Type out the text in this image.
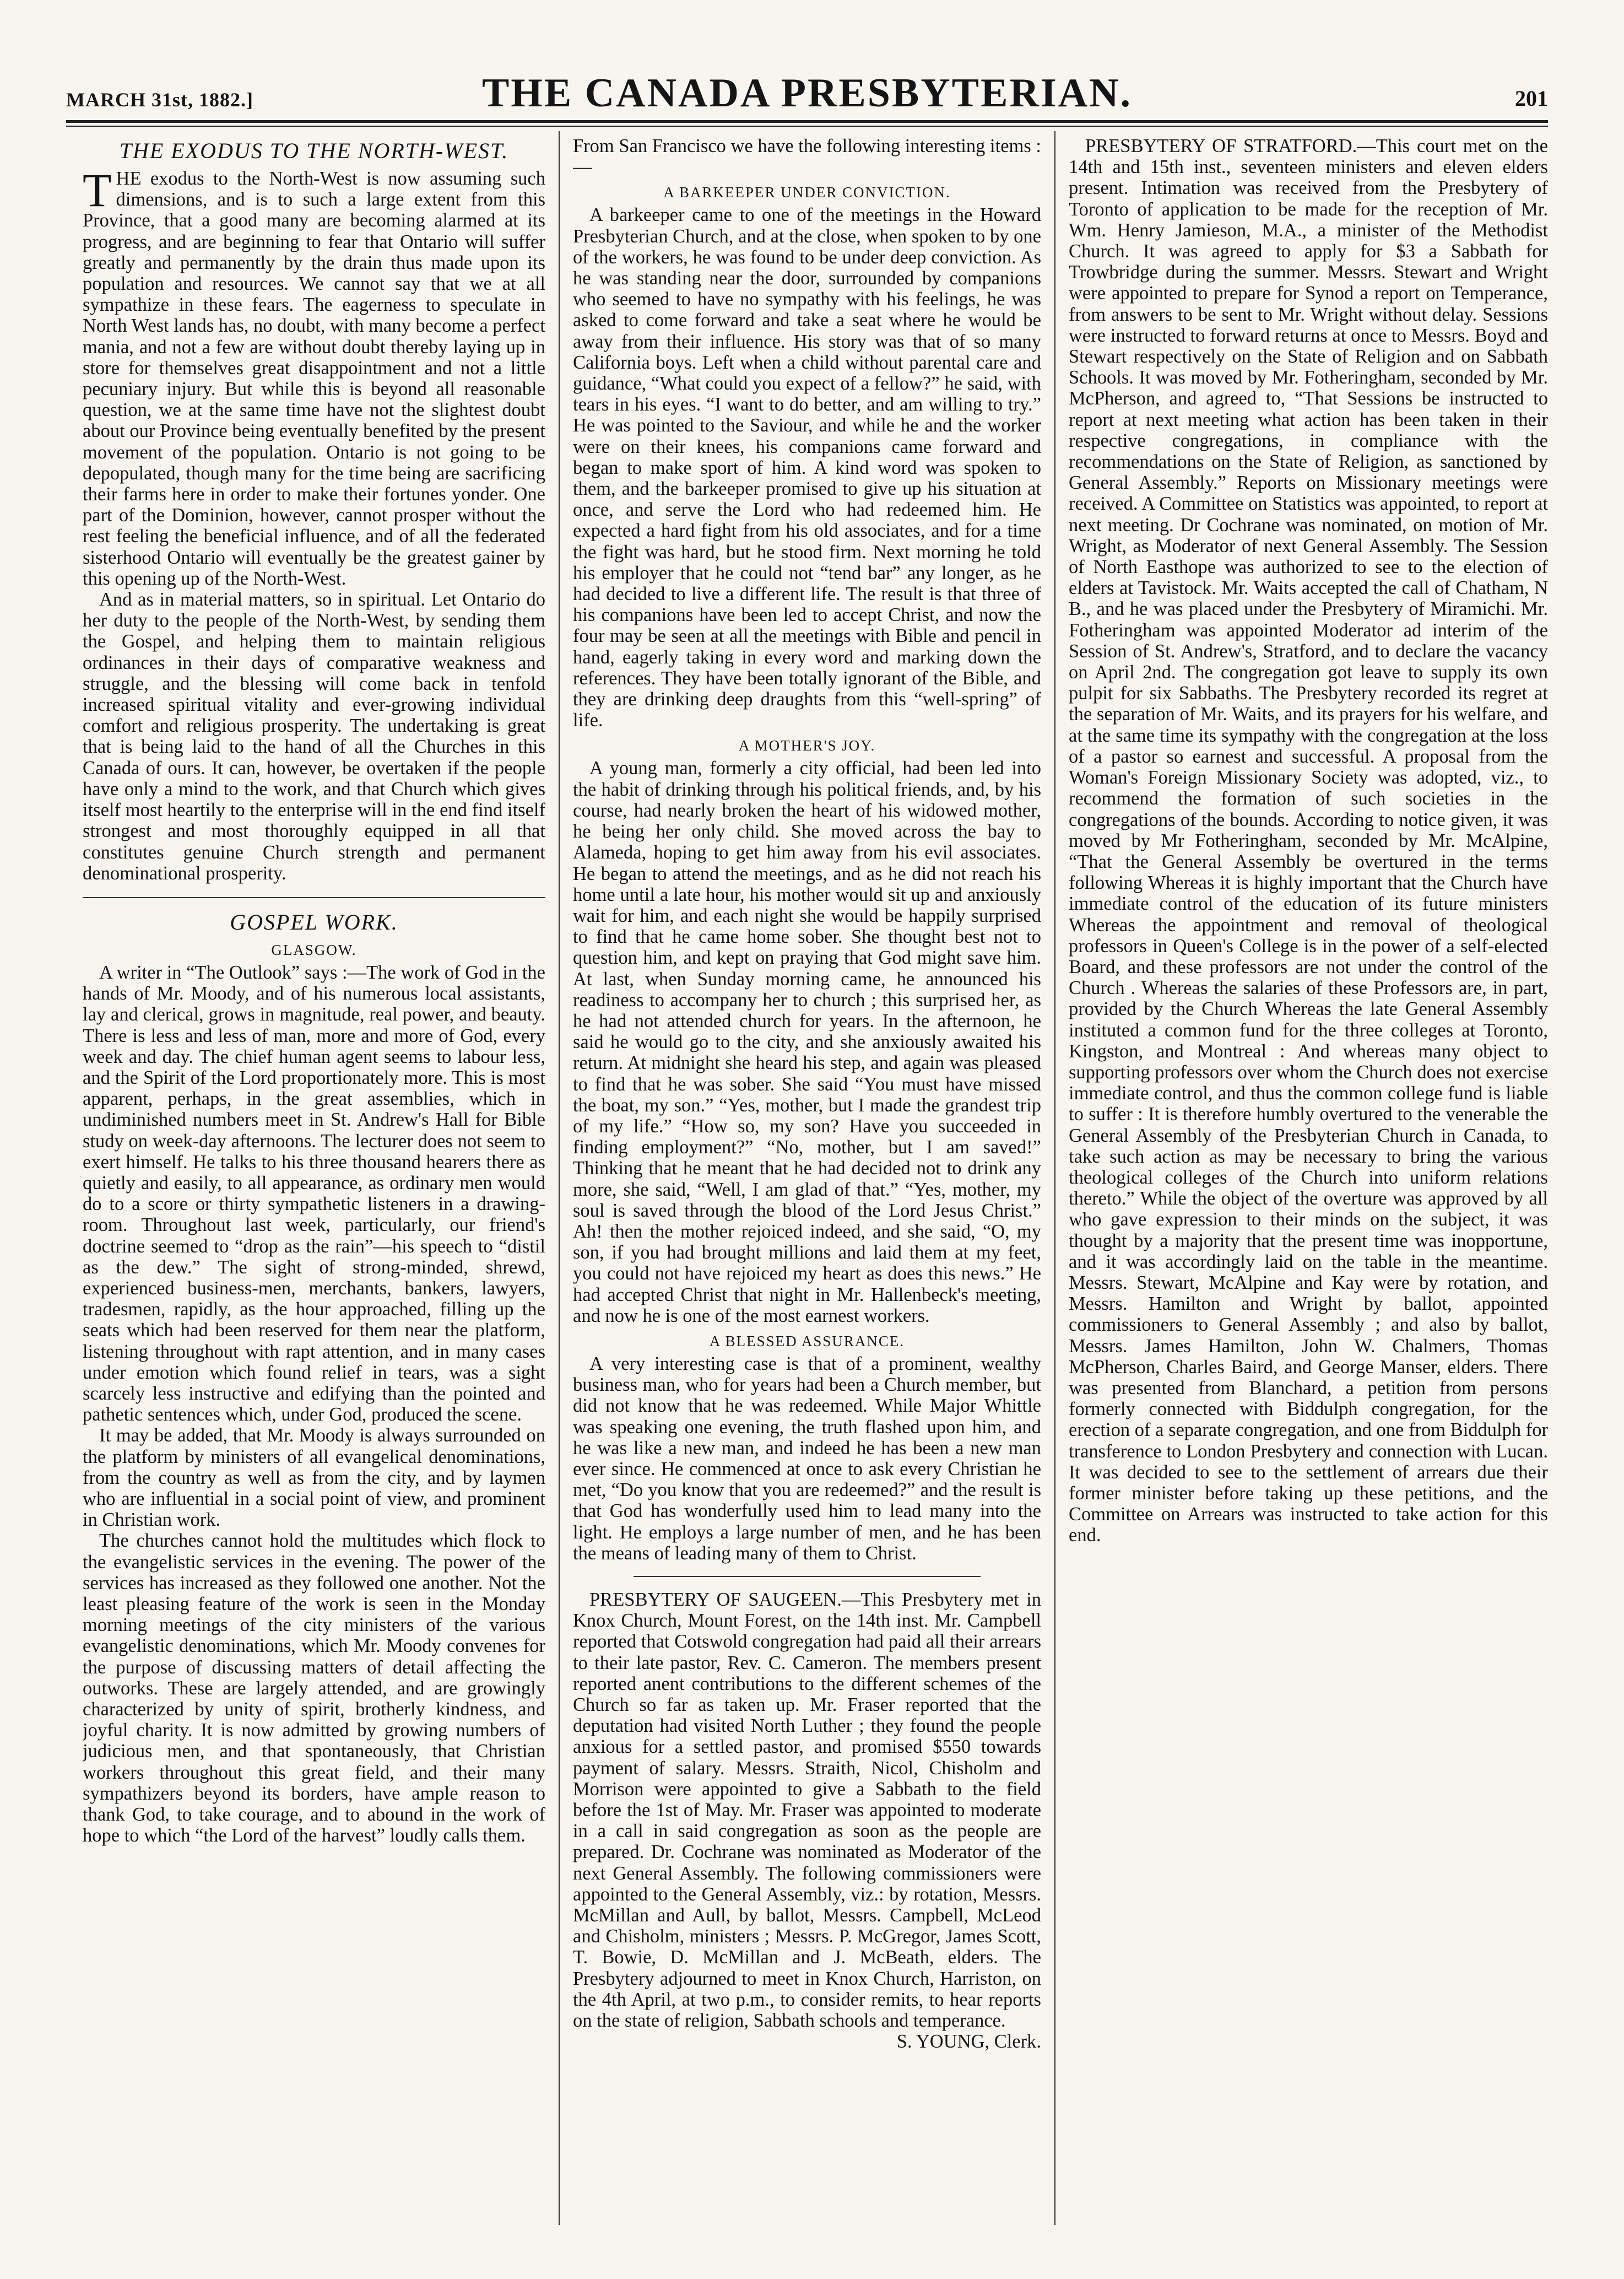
MARCH 31st, 1882.]	THE CANADA PRESBYTERIAN.	201
THE EXODUS TO THE NORTH-WEST.

THE exodus to the North-West is now assuming such dimensions, and is to such a large extent from this Province, that a good many are becoming alarmed at its progress, and are beginning to fear that Ontario will suffer greatly and permanently by the drain thus made upon its population and resources. We cannot say that we at all sympathize in these fears. The eagerness to speculate in North West lands has, no doubt, with many become a perfect mania, and not a few are without doubt thereby laying up in store for themselves great disappointment and not a little pecuniary injury. But while this is beyond all reasonable question, we at the same time have not the slightest doubt about our Province being eventually benefited by the present movement of the population. Ontario is not going to be depopulated, though many for the time being are sacrificing their farms here in order to make their fortunes yonder. One part of the Dominion, however, cannot prosper without the rest feeling the beneficial influence, and of all the federated sisterhood Ontario will eventually be the greatest gainer by this opening up of the North-West.

And as in material matters, so in spiritual. Let Ontario do her duty to the people of the North-West, by sending them the Gospel, and helping them to maintain religious ordinances in their days of comparative weakness and struggle, and the blessing will come back in tenfold increased spiritual vitality and ever-growing individual comfort and religious prosperity. The undertaking is great that is being laid to the hand of all the Churches in this Canada of ours. It can, however, be overtaken if the people have only a mind to the work, and that Church which gives itself most heartily to the enterprise will in the end find itself strongest and most thoroughly equipped in all that constitutes genuine Church strength and permanent denominational prosperity.

GOSPEL WORK.
GLASGOW.

A writer in “The Outlook” says :—The work of God in the hands of Mr. Moody, and of his numerous local assistants, lay and clerical, grows in magnitude, real power, and beauty. There is less and less of man, more and more of God, every week and day. The chief human agent seems to labour less, and the Spirit of the Lord proportionately more. This is most apparent, perhaps, in the great assemblies, which in undiminished numbers meet in St. Andrew's Hall for Bible study on week-day afternoons. The lecturer does not seem to exert himself. He talks to his three thousand hearers there as quietly and easily, to all appearance, as ordinary men would do to a score or thirty sympathetic listeners in a drawing-room. Throughout last week, particularly, our friend's doctrine seemed to “drop as the rain”—his speech to “distil as the dew.” The sight of strong-minded, shrewd, experienced business-men, merchants, bankers, lawyers, tradesmen, rapidly, as the hour approached, filling up the seats which had been reserved for them near the platform, listening throughout with rapt attention, and in many cases under emotion which found relief in tears, was a sight scarcely less instructive and edifying than the pointed and pathetic sentences which, under God, produced the scene.

It may be added, that Mr. Moody is always surrounded on the platform by ministers of all evangelical denominations, from the country as well as from the city, and by laymen who are influential in a social point of view, and prominent in Christian work.

The churches cannot hold the multitudes which flock to the evangelistic services in the evening. The power of the services has increased as they followed one another. Not the least pleasing feature of the work is seen in the Monday morning meetings of the city ministers of the various evangelistic denominations, which Mr. Moody convenes for the purpose of discussing matters of detail affecting the outworks. These are largely attended, and are growingly characterized by unity of spirit, brotherly kindness, and joyful charity. It is now admitted by growing numbers of judicious men, and that spontaneously, that Christian workers throughout this great field, and their many sympathizers beyond its borders, have ample reason to thank God, to take courage, and to abound in the work of hope to which “the Lord of the harvest” loudly calls them.

From San Francisco we have the following interesting items :—

A BARKEEPER UNDER CONVICTION.

A barkeeper came to one of the meetings in the Howard Presbyterian Church, and at the close, when spoken to by one of the workers, he was found to be under deep conviction. As he was standing near the door, surrounded by companions who seemed to have no sympathy with his feelings, he was asked to come forward and take a seat where he would be away from their influence. His story was that of so many California boys. Left when a child without parental care and guidance, “What could you expect of a fellow?” he said, with tears in his eyes. “I want to do better, and am willing to try.” He was pointed to the Saviour, and while he and the worker were on their knees, his companions came forward and began to make sport of him. A kind word was spoken to them, and the barkeeper promised to give up his situation at once, and serve the Lord who had redeemed him. He expected a hard fight from his old associates, and for a time the fight was hard, but he stood firm. Next morning he told his employer that he could not “tend bar” any longer, as he had decided to live a different life. The result is that three of his companions have been led to accept Christ, and now the four may be seen at all the meetings with Bible and pencil in hand, eagerly taking in every word and marking down the references. They have been totally ignorant of the Bible, and they are drinking deep draughts from this “well-spring” of life.

A MOTHER'S JOY.

A young man, formerly a city official, had been led into the habit of drinking through his political friends, and, by his course, had nearly broken the heart of his widowed mother, he being her only child. She moved across the bay to Alameda, hoping to get him away from his evil associates. He began to attend the meetings, and as he did not reach his home until a late hour, his mother would sit up and anxiously wait for him, and each night she would be happily surprised to find that he came home sober. She thought best not to question him, and kept on praying that God might save him. At last, when Sunday morning came, he announced his readiness to accompany her to church ; this surprised her, as he had not attended church for years. In the afternoon, he said he would go to the city, and she anxiously awaited his return. At midnight she heard his step, and again was pleased to find that he was sober. She said “You must have missed the boat, my son.” “Yes, mother, but I made the grandest trip of my life.” “How so, my son? Have you succeeded in finding employment?” “No, mother, but I am saved!” Thinking that he meant that he had decided not to drink any more, she said, “Well, I am glad of that.” “Yes, mother, my soul is saved through the blood of the Lord Jesus Christ.” Ah! then the mother rejoiced indeed, and she said, “O, my son, if you had brought millions and laid them at my feet, you could not have rejoiced my heart as does this news.” He had accepted Christ that night in Mr. Hallenbeck's meeting, and now he is one of the most earnest workers.

A BLESSED ASSURANCE.

A very interesting case is that of a prominent, wealthy business man, who for years had been a Church member, but did not know that he was redeemed. While Major Whittle was speaking one evening, the truth flashed upon him, and he was like a new man, and indeed he has been a new man ever since. He commenced at once to ask every Christian he met, “Do you know that you are redeemed?” and the result is that God has wonderfully used him to lead many into the light. He employs a large number of men, and he has been the means of leading many of them to Christ.

PRESBYTERY OF SAUGEEN.—This Presbytery met in Knox Church, Mount Forest, on the 14th inst. Mr. Campbell reported that Cotswold congregation had paid all their arrears to their late pastor, Rev. C. Cameron. The members present reported anent contributions to the different schemes of the Church so far as taken up. Mr. Fraser reported that the deputation had visited North Luther ; they found the people anxious for a settled pastor, and promised $550 towards payment of salary. Messrs. Straith, Nicol, Chisholm and Morrison were appointed to give a Sabbath to the field before the 1st of May. Mr. Fraser was appointed to moderate in a call in said congregation as soon as the people are prepared. Dr. Cochrane was nominated as Moderator of the next General Assembly. The following commissioners were appointed to the General Assembly, viz.: by rotation, Messrs. McMillan and Aull, by ballot, Messrs. Campbell, McLeod and Chisholm, ministers ; Messrs. P. McGregor, James Scott, T. Bowie, D. McMillan and J. McBeath, elders. The Presbytery adjourned to meet in Knox Church, Harriston, on the 4th April, at two p.m., to consider remits, to hear reports on the state of religion, Sabbath schools and temperance.

S. YOUNG, Clerk.

PRESBYTERY OF STRATFORD.—This court met on the 14th and 15th inst., seventeen ministers and eleven elders present. Intimation was received from the Presbytery of Toronto of application to be made for the reception of Mr. Wm. Henry Jamieson, M.A., a minister of the Methodist Church. It was agreed to apply for $3 a Sabbath for Trowbridge during the summer. Messrs. Stewart and Wright were appointed to prepare for Synod a report on Temperance, from answers to be sent to Mr. Wright without delay. Sessions were instructed to forward returns at once to Messrs. Boyd and Stewart respectively on the State of Religion and on Sabbath Schools. It was moved by Mr. Fotheringham, seconded by Mr. McPherson, and agreed to, “That Sessions be instructed to report at next meeting what action has been taken in their respective congregations, in compliance with the recommendations on the State of Religion, as sanctioned by General Assembly.” Reports on Missionary meetings were received. A Committee on Statistics was appointed, to report at next meeting. Dr Cochrane was nominated, on motion of Mr. Wright, as Moderator of next General Assembly. The Session of North Easthope was authorized to see to the election of elders at Tavistock. Mr. Waits accepted the call of Chatham, N B., and he was placed under the Presbytery of Miramichi. Mr. Fotheringham was appointed Moderator ad interim of the Session of St. Andrew's, Stratford, and to declare the vacancy on April 2nd. The congregation got leave to supply its own pulpit for six Sabbaths. The Presbytery recorded its regret at the separation of Mr. Waits, and its prayers for his welfare, and at the same time its sympathy with the congregation at the loss of a pastor so earnest and successful. A proposal from the Woman's Foreign Missionary Society was adopted, viz., to recommend the formation of such societies in the congregations of the bounds. According to notice given, it was moved by Mr Fotheringham, seconded by Mr. McAlpine, “That the General Assembly be overtured in the terms following Whereas it is highly important that the Church have immediate control of the education of its future ministers Whereas the appointment and removal of theological professors in Queen's College is in the power of a self-elected Board, and these professors are not under the control of the Church . Whereas the salaries of these Professors are, in part, provided by the Church Whereas the late General Assembly instituted a common fund for the three colleges at Toronto, Kingston, and Montreal : And whereas many object to supporting professors over whom the Church does not exercise immediate control, and thus the common college fund is liable to suffer : It is therefore humbly overtured to the venerable the General Assembly of the Presbyterian Church in Canada, to take such action as may be necessary to bring the various theological colleges of the Church into uniform relations thereto.” While the object of the overture was approved by all who gave expression to their minds on the subject, it was thought by a majority that the present time was inopportune, and it was accordingly laid on the table in the meantime. Messrs. Stewart, McAlpine and Kay were by rotation, and Messrs. Hamilton and Wright by ballot, appointed commissioners to General Assembly ; and also by ballot, Messrs. James Hamilton, John W. Chalmers, Thomas McPherson, Charles Baird, and George Manser, elders. There was presented from Blanchard, a petition from persons formerly connected with Biddulph congregation, for the erection of a separate congregation, and one from Biddulph for transference to London Presbytery and connection with Lucan. It was decided to see to the settlement of arrears due their former minister before taking up these petitions, and the Committee on Arrears was instructed to take action for this end.
